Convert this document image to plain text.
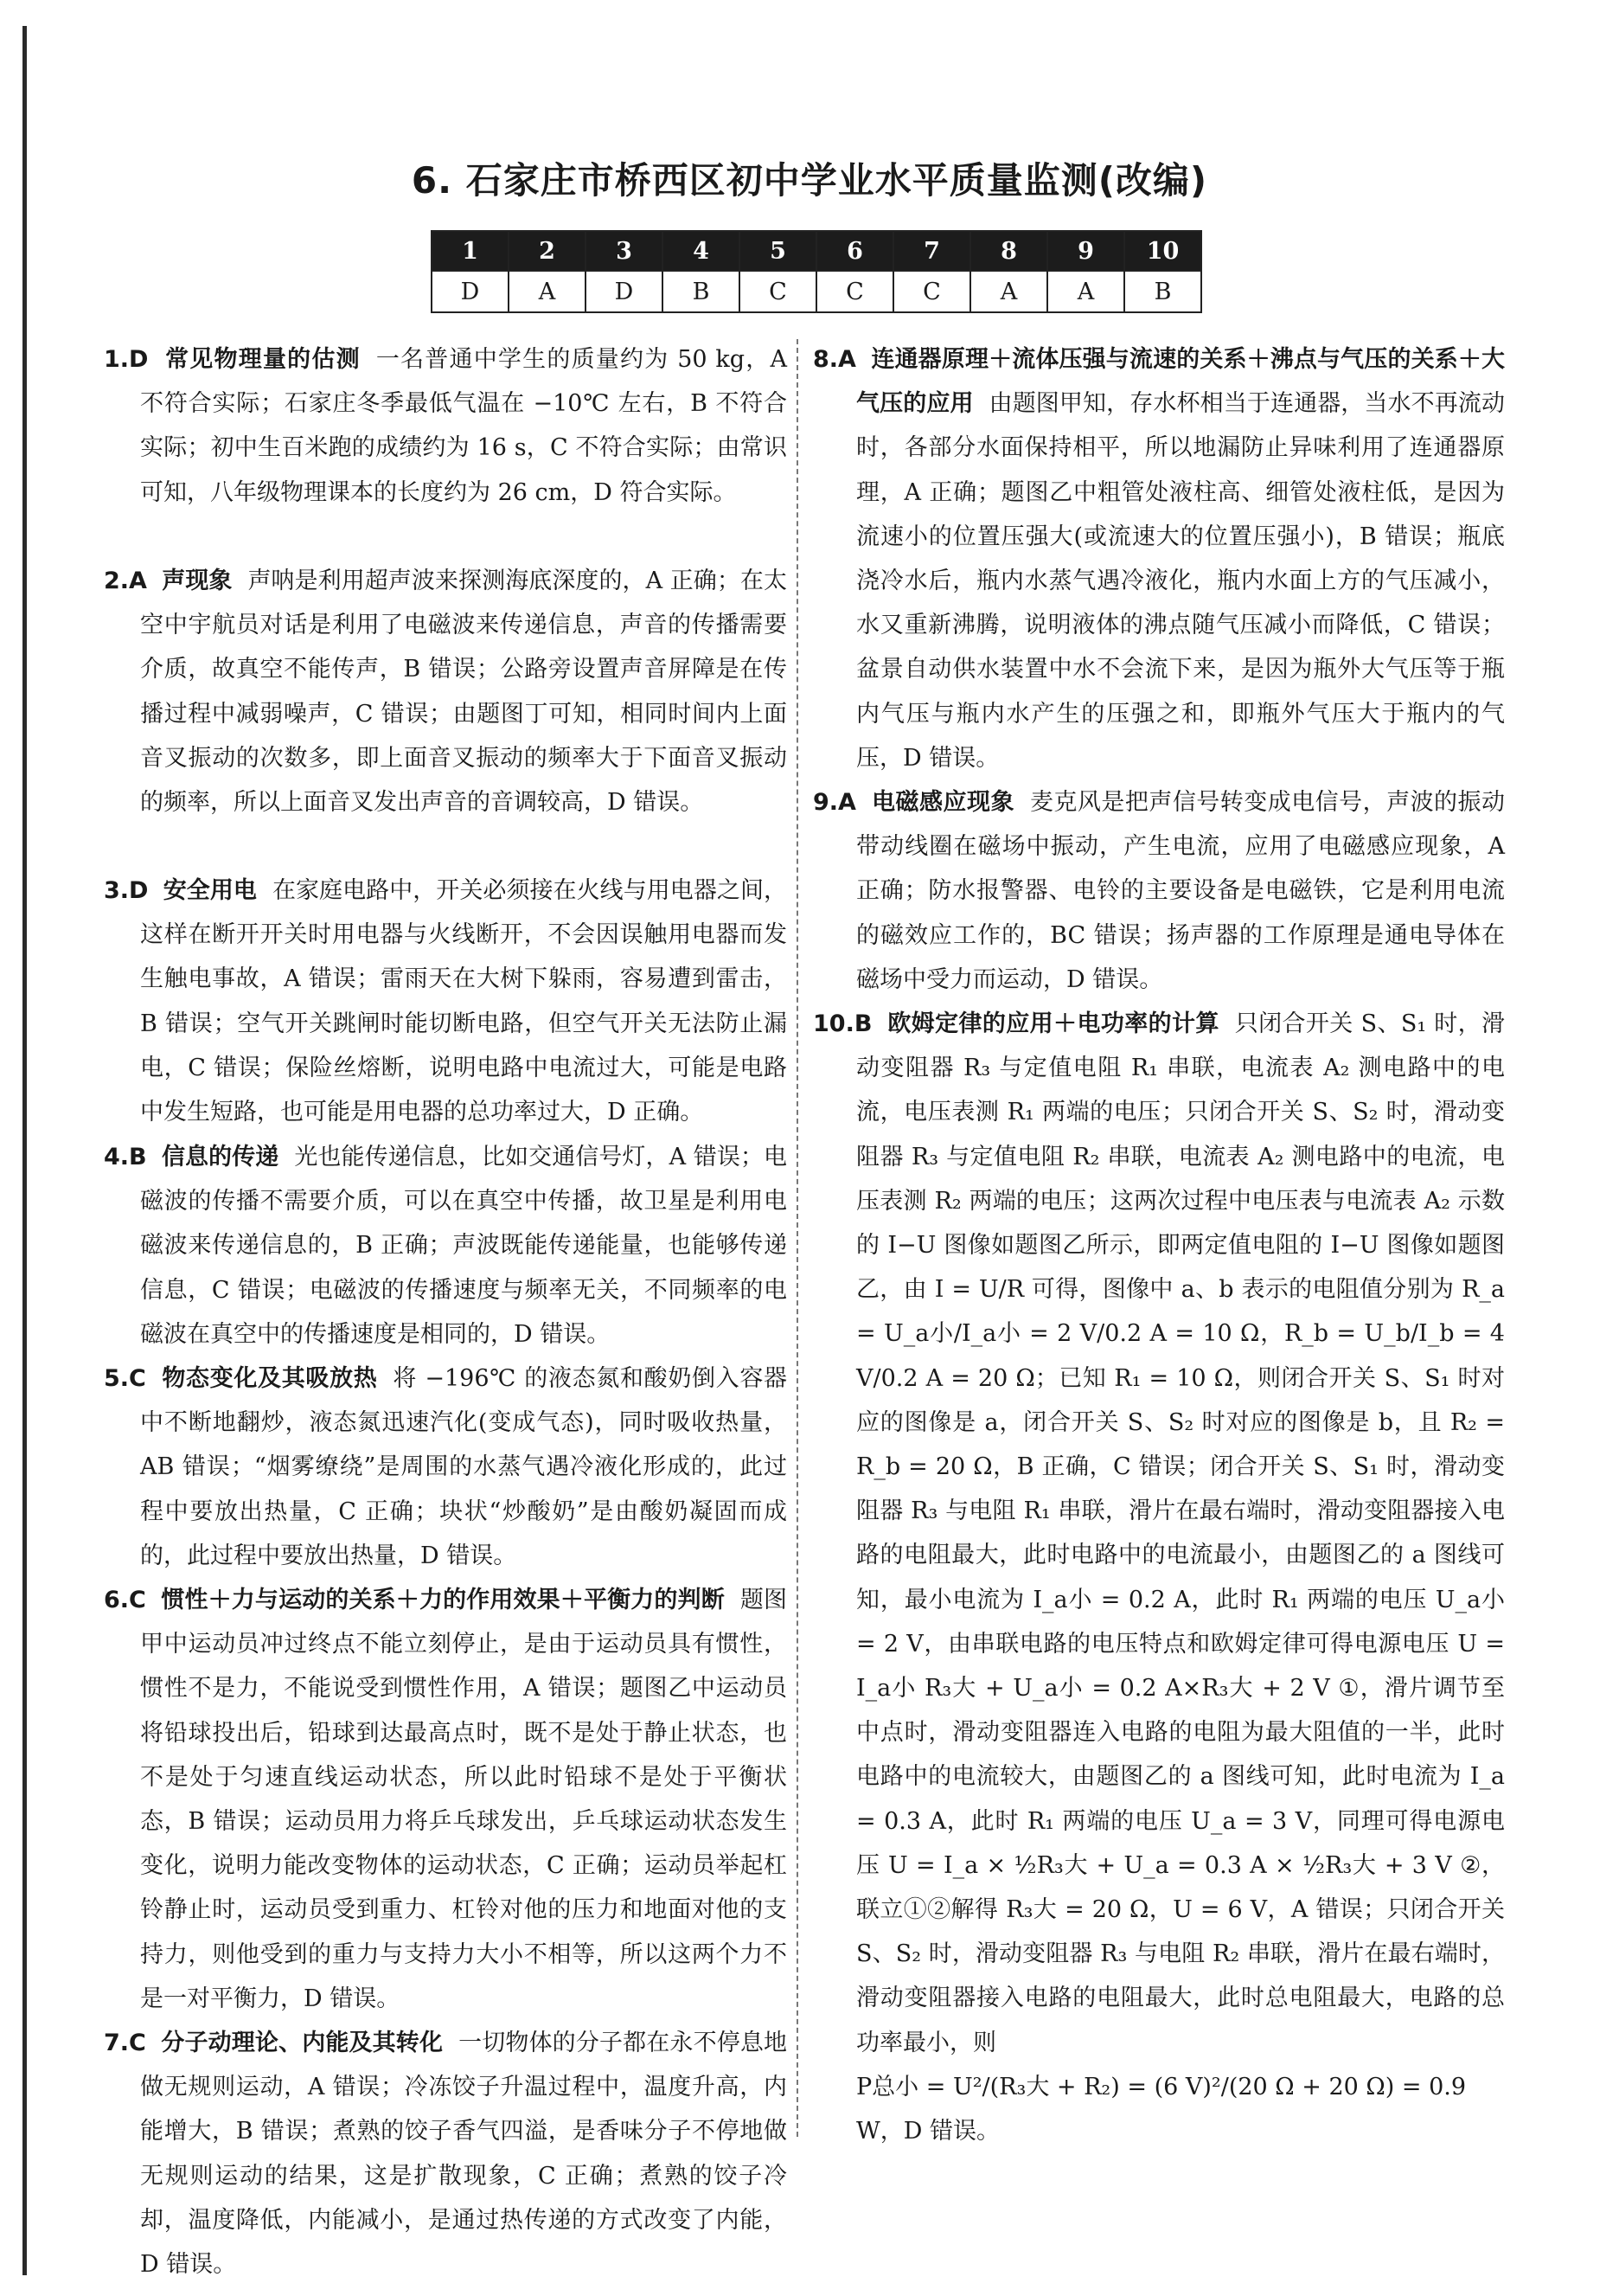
6. 石家庄市桥西区初中学业水平质量监测(改编)
1	2	3	4	5	6	7	8	9	10
D	A	D	B	C	C	C	A	A	B
1.D 常见物理量的估测 一名普通中学生的质量约为 50 kg，A 不符合实际；石家庄冬季最低气温在 −10℃ 左右，B 不符合实际；初中生百米跑的成绩约为 16 s，C 不符合实际；由常识可知，八年级物理课本的长度约为 26 cm，D 符合实际。
2.A 声现象 声呐是利用超声波来探测海底深度的，A 正确；在太空中宇航员对话是利用了电磁波来传递信息，声音的传播需要介质，故真空不能传声，B 错误；公路旁设置声音屏障是在传播过程中减弱噪声，C 错误；由题图丁可知，相同时间内上面音叉振动的次数多，即上面音叉振动的频率大于下面音叉振动的频率，所以上面音叉发出声音的音调较高，D 错误。
3.D 安全用电 在家庭电路中，开关必须接在火线与用电器之间，这样在断开开关时用电器与火线断开，不会因误触用电器而发生触电事故，A 错误；雷雨天在大树下躲雨，容易遭到雷击，B 错误；空气开关跳闸时能切断电路，但空气开关无法防止漏电，C 错误；保险丝熔断，说明电路中电流过大，可能是电路中发生短路，也可能是用电器的总功率过大，D 正确。
4.B 信息的传递 光也能传递信息，比如交通信号灯，A 错误；电磁波的传播不需要介质，可以在真空中传播，故卫星是利用电磁波来传递信息的，B 正确；声波既能传递能量，也能够传递信息，C 错误；电磁波的传播速度与频率无关，不同频率的电磁波在真空中的传播速度是相同的，D 错误。
5.C 物态变化及其吸放热 将 −196℃ 的液态氮和酸奶倒入容器中不断地翻炒，液态氮迅速汽化(变成气态)，同时吸收热量，AB 错误；“烟雾缭绕”是周围的水蒸气遇冷液化形成的，此过程中要放出热量，C 正确；块状“炒酸奶”是由酸奶凝固而成的，此过程中要放出热量，D 错误。
6.C 惯性＋力与运动的关系＋力的作用效果＋平衡力的判断 题图甲中运动员冲过终点不能立刻停止，是由于运动员具有惯性，惯性不是力，不能说受到惯性作用，A 错误；题图乙中运动员将铅球投出后，铅球到达最高点时，既不是处于静止状态，也不是处于匀速直线运动状态，所以此时铅球不是处于平衡状态，B 错误；运动员用力将乒乓球发出，乒乓球运动状态发生变化，说明力能改变物体的运动状态，C 正确；运动员举起杠铃静止时，运动员受到重力、杠铃对他的压力和地面对他的支持力，则他受到的重力与支持力大小不相等，所以这两个力不是一对平衡力，D 错误。
7.C 分子动理论、内能及其转化 一切物体的分子都在永不停息地做无规则运动，A 错误；冷冻饺子升温过程中，温度升高，内能增大，B 错误；煮熟的饺子香气四溢，是香味分子不停地做无规则运动的结果，这是扩散现象，C 正确；煮熟的饺子冷却，温度降低，内能减小，是通过热传递的方式改变了内能，D 错误。
8.A 连通器原理＋流体压强与流速的关系＋沸点与气压的关系＋大气压的应用 由题图甲知，存水杯相当于连通器，当水不再流动时，各部分水面保持相平，所以地漏防止异味利用了连通器原理，A 正确；题图乙中粗管处液柱高、细管处液柱低，是因为流速小的位置压强大(或流速大的位置压强小)，B 错误；瓶底浇冷水后，瓶内水蒸气遇冷液化，瓶内水面上方的气压减小，水又重新沸腾，说明液体的沸点随气压减小而降低，C 错误；盆景自动供水装置中水不会流下来，是因为瓶外大气压等于瓶内气压与瓶内水产生的压强之和，即瓶外气压大于瓶内的气压，D 错误。
9.A 电磁感应现象 麦克风是把声信号转变成电信号，声波的振动带动线圈在磁场中振动，产生电流，应用了电磁感应现象，A 正确；防水报警器、电铃的主要设备是电磁铁，它是利用电流的磁效应工作的，BC 错误；扬声器的工作原理是通电导体在磁场中受力而运动，D 错误。
10.B 欧姆定律的应用＋电功率的计算 只闭合开关 S、S₁ 时，滑动变阻器 R₃ 与定值电阻 R₁ 串联，电流表 A₂ 测电路中的电流，电压表测 R₁ 两端的电压；只闭合开关 S、S₂ 时，滑动变阻器 R₃ 与定值电阻 R₂ 串联，电流表 A₂ 测电路中的电流，电压表测 R₂ 两端的电压；这两次过程中电压表与电流表 A₂ 示数的 I−U 图像如题图乙所示，即两定值电阻的 I−U 图像如题图乙，由 I = U/R 可得，图像中 a、b 表示的电阻值分别为 R_a = U_a小/I_a小 = 2 V/0.2 A = 10 Ω，R_b = U_b/I_b = 4 V/0.2 A = 20 Ω；已知 R₁ = 10 Ω，则闭合开关 S、S₁ 时对应的图像是 a，闭合开关 S、S₂ 时对应的图像是 b，且 R₂ = R_b = 20 Ω，B 正确，C 错误；闭合开关 S、S₁ 时，滑动变阻器 R₃ 与电阻 R₁ 串联，滑片在最右端时，滑动变阻器接入电路的电阻最大，此时电路中的电流最小，由题图乙的 a 图线可知，最小电流为 I_a小 = 0.2 A，此时 R₁ 两端的电压 U_a小 = 2 V，由串联电路的电压特点和欧姆定律可得电源电压 U = I_a小 R₃大 + U_a小 = 0.2 A×R₃大 + 2 V ①，滑片调节至中点时，滑动变阻器连入电路的电阻为最大阻值的一半，此时电路中的电流较大，由题图乙的 a 图线可知，此时电流为 I_a = 0.3 A，此时 R₁ 两端的电压 U_a = 3 V，同理可得电源电压 U = I_a × ½R₃大 + U_a = 0.3 A × ½R₃大 + 3 V ②，联立①②解得 R₃大 = 20 Ω，U = 6 V，A 错误；只闭合开关 S、S₂ 时，滑动变阻器 R₃ 与电阻 R₂ 串联，滑片在最右端时，滑动变阻器接入电路的电阻最大，此时总电阻最大，电路的总功率最小，则
P总小 = U²/(R₃大 + R₂) = (6 V)²/(20 Ω + 20 Ω) = 0.9 W，D 错误。
